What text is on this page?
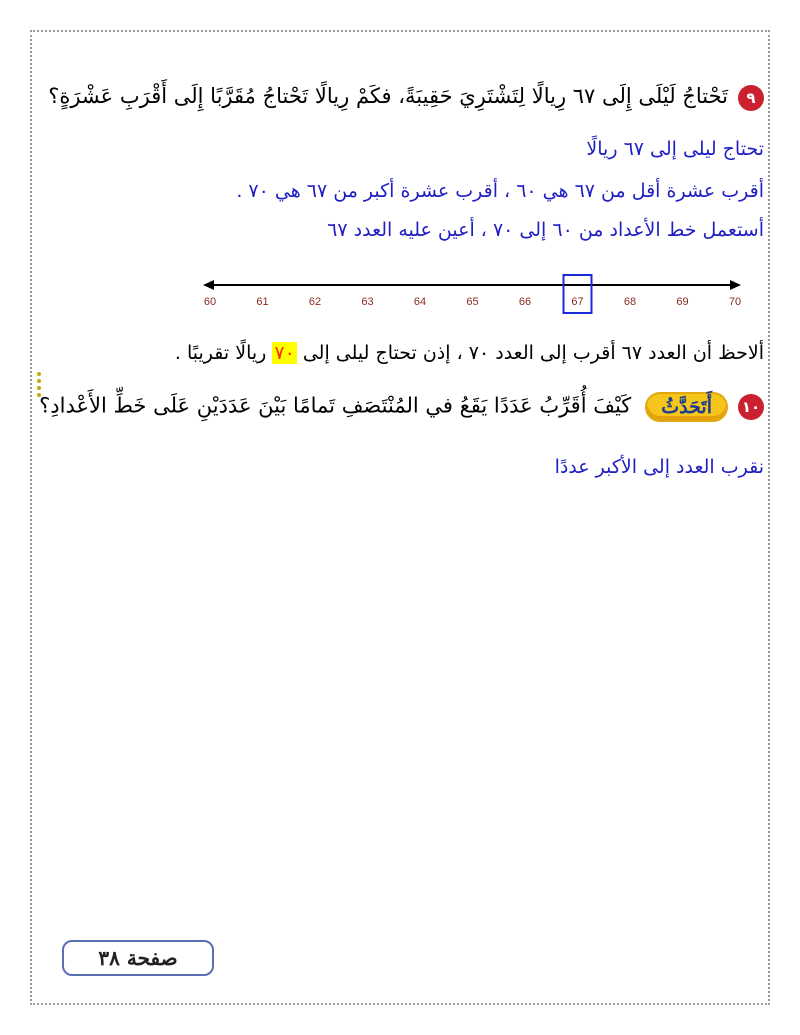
٩تَحْتاجُ لَيْلَى إِلَى ٦٧ رِيالًا لِتَشْتَرِيَ حَقِيبَةً، فكَمْ رِيالًا تَحْتاجُ مُقَرَّبًا إِلَى أَقْرَبِ عَشْرَةٍ؟
تحتاج ليلى إلى ٦٧ ريالًا
أقرب عشرة أقل من ٦٧ هي ٦٠ ، أقرب عشرة أكبر من ٦٧ هي ٧٠ .
أستعمل خط الأعداد من ٦٠ إلى ٧٠ ، أعين عليه العدد ٦٧
60	61	62	63	64	65	66	67	68	69	70
ألاحظ أن العدد ٦٧ أقرب إلى العدد ٧٠ ، إذن تحتاج ليلى إلى ٧٠ ريالًا تقريبًا .
١٠أَتَحَدَّثُكَيْفَ أُقَرِّبُ عَدَدًا يَقَعُ في المُنْتَصَفِ تَمامًا بَيْنَ عَدَدَيْنِ عَلَى خَطِّ الأَعْدادِ؟
نقرب العدد إلى الأكبر عددًا
صفحة ٣٨
